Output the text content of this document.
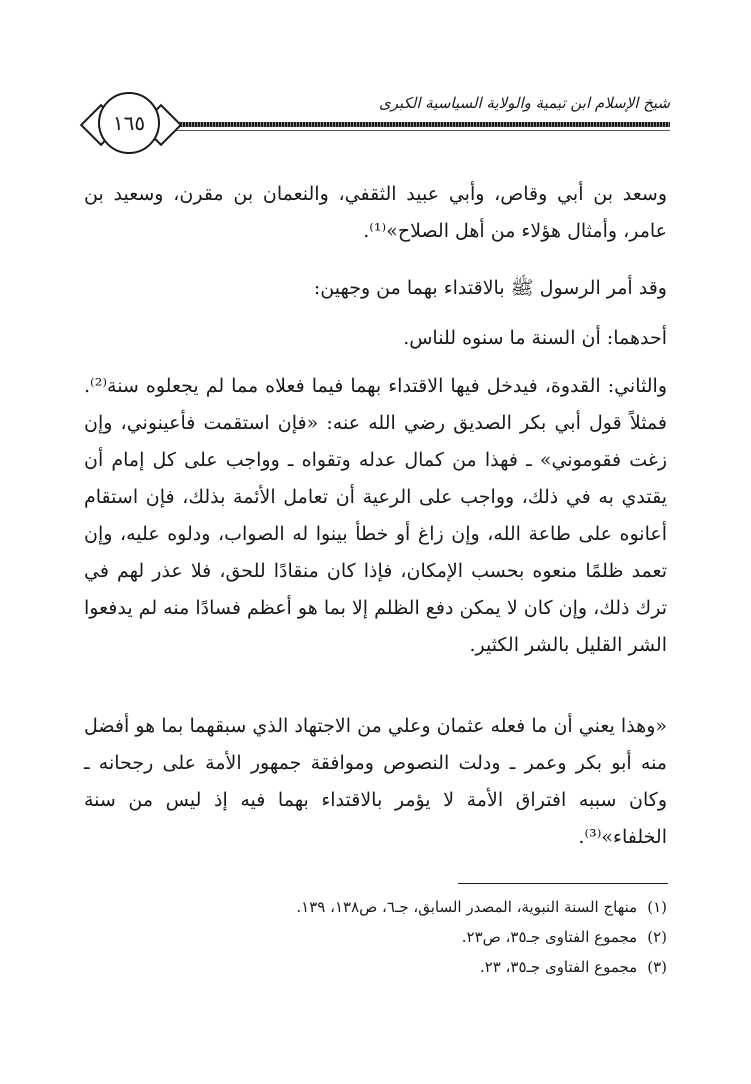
١٦٥
شيخ الإسلام ابن تيمية والولاية السياسية الكبرى

وسعد بن أبي وقاص، وأبي عبيد الثقفي، والنعمان بن مقرن، وسعيد بن عامر، وأمثال هؤلاء من أهل الصلاح»⁽¹⁾.

وقد أمر الرسول ﷺ بالاقتداء بهما من وجهين:

أحدهما: أن السنة ما سنوه للناس.

والثاني: القدوة، فيدخل فيها الاقتداء بهما فيما فعلاه مما لم يجعلوه سنة⁽²⁾. فمثلاً قول أبي بكر الصديق رضي الله عنه: «فإن استقمت فأعينوني، وإن زغت فقوموني» ـ فهذا من كمال عدله وتقواه ـ وواجب على كل إمام أن يقتدي به في ذلك، وواجب على الرعية أن تعامل الأئمة بذلك، فإن استقام أعانوه على طاعة الله، وإن زاغ أو خطأ بينوا له الصواب، ودلوه عليه، وإن تعمد ظلمًا منعوه بحسب الإمكان، فإذا كان منقادًا للحق، فلا عذر لهم في ترك ذلك، وإن كان لا يمكن دفع الظلم إلا بما هو أعظم فسادًا منه لم يدفعوا الشر القليل بالشر الكثير.

«وهذا يعني أن ما فعله عثمان وعلي من الاجتهاد الذي سبقهما بما هو أفضل منه أبو بكر وعمر ـ ودلت النصوص وموافقة جمهور الأمة على رجحانه ـ وكان سببه افتراق الأمة لا يؤمر بالاقتداء بهما فيه إذ ليس من سنة الخلفاء»⁽³⁾.

(١)منهاج السنة النبوية، المصدر السابق، جـ٦، ص١٣٨، ١٣٩.
(٢)مجموع الفتاوى جـ٣٥، ص٢٣.
(٣)مجموع الفتاوى جـ٣٥، ٢٣.
